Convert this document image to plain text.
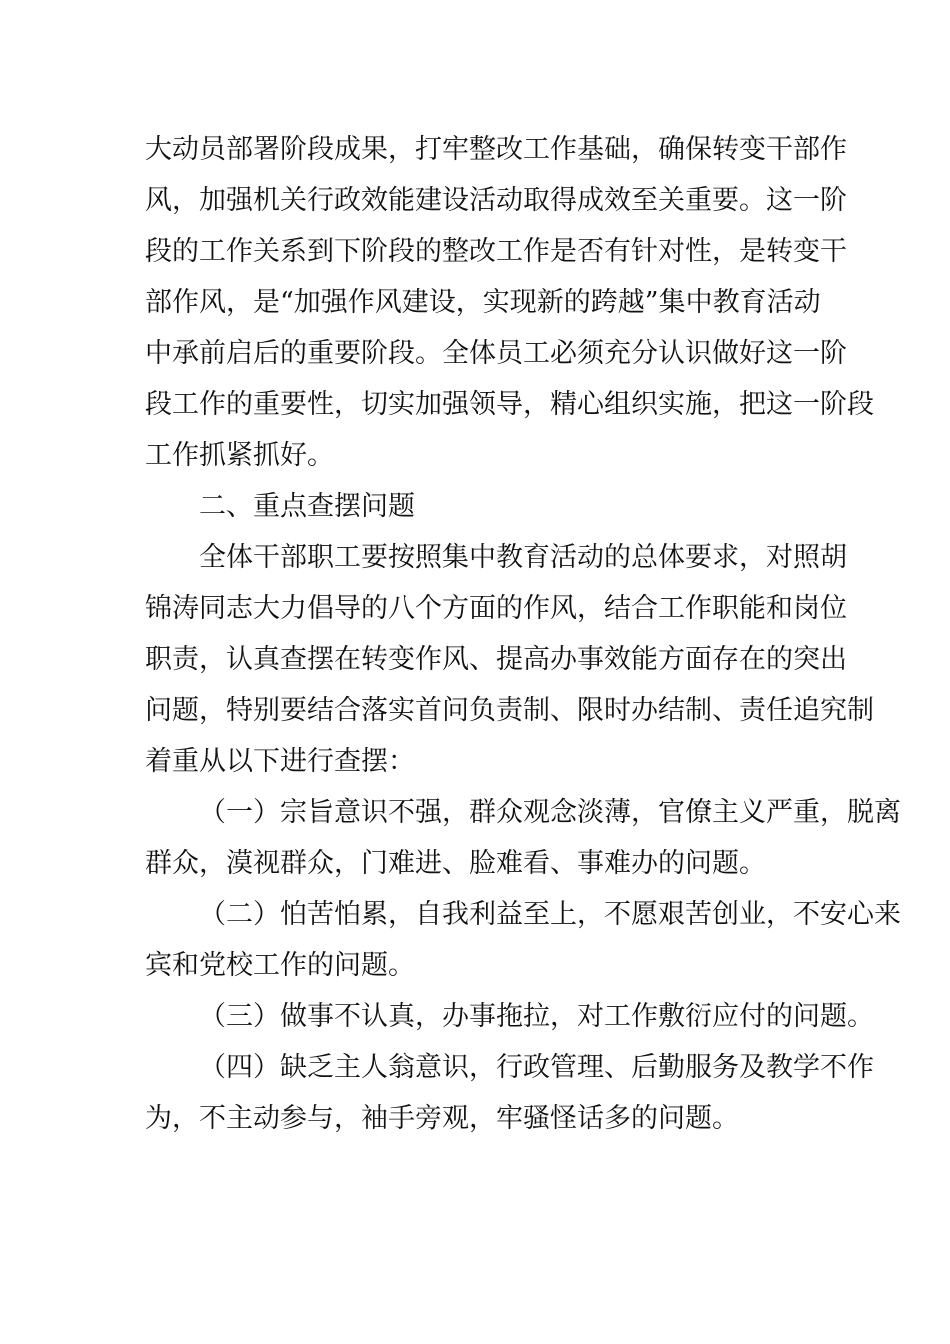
大动员部署阶段成果，打牢整改工作基础，确保转变干部作
风，加强机关行政效能建设活动取得成效至关重要。这一阶
段的工作关系到下阶段的整改工作是否有针对性，是转变干
部作风，是“加强作风建设，实现新的跨越”集中教育活动
中承前启后的重要阶段。全体员工必须充分认识做好这一阶
段工作的重要性，切实加强领导，精心组织实施，把这一阶段
工作抓紧抓好。
二、重点查摆问题
全体干部职工要按照集中教育活动的总体要求，对照胡
锦涛同志大力倡导的八个方面的作风，结合工作职能和岗位
职责，认真查摆在转变作风、提高办事效能方面存在的突出
问题，特别要结合落实首问负责制、限时办结制、责任追究制
着重从以下进行查摆：
（一）宗旨意识不强，群众观念淡薄，官僚主义严重，脱离
群众，漠视群众，门难进、脸难看、事难办的问题。
（二）怕苦怕累，自我利益至上，不愿艰苦创业，不安心来
宾和党校工作的问题。
（三）做事不认真，办事拖拉，对工作敷衍应付的问题。
（四）缺乏主人翁意识，行政管理、后勤服务及教学不作
为，不主动参与，袖手旁观，牢骚怪话多的问题。
